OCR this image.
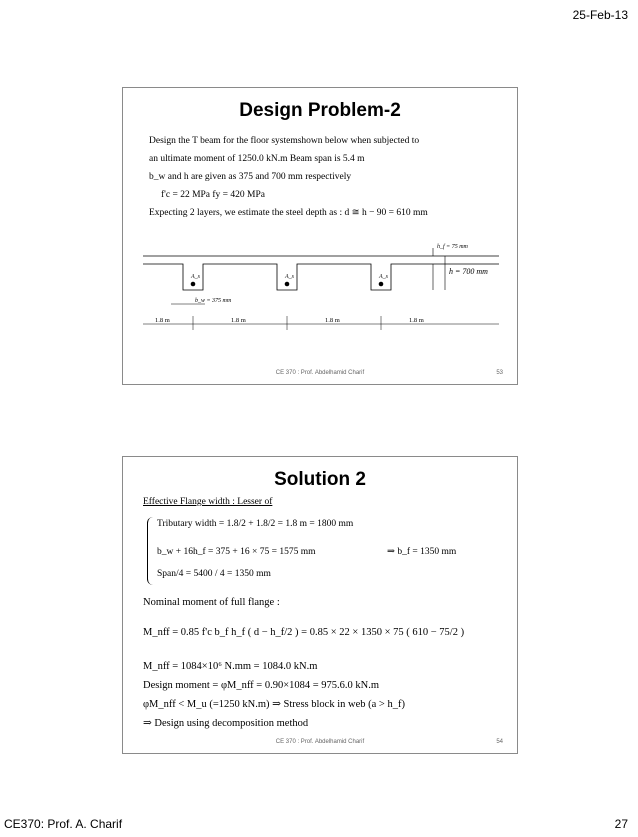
25-Feb-13
Design Problem-2
Design the T beam for the floor systemshown below when subjected to
an ultimate moment of 1250.0 kN.m Beam span is 5.4 m
b_w and h are given as 375 and 700 mm respectively
f'c = 22 MPa fy = 420 MPa
Expecting 2 layers, we estimate the steel depth as : d ≅ h − 90 = 610 mm
A_s	A_s	A_s
h_f = 75 mm
h = 700 mm
b_w = 375 mm
1.8 m	1.8 m	1.8 m	1.8 m
CE 370 : Prof. Abdelhamid Charif	53
Solution 2
Effective Flange width : Lesser of
Tributary width = 1.8/2 + 1.8/2 = 1.8 m = 1800 mm
b_w + 16h_f = 375 + 16 × 75 = 1575 mm	⇒ b_f = 1350 mm
Span/4 = 5400 / 4 = 1350 mm
Nominal moment of full flange :
M_nff = 0.85 f'c b_f h_f ( d − h_f/2 ) = 0.85 × 22 × 1350 × 75 ( 610 − 75/2 )
M_nff = 1084×10⁶ N.mm = 1084.0 kN.m
Design moment = φM_nff = 0.90×1084 = 975.6.0 kN.m
φM_nff < M_u (=1250 kN.m) ⇒ Stress block in web (a > h_f)
⇒ Design using decomposition method
CE 370 : Prof. Abdelhamid Charif	54
CE370: Prof. A. Charif	27
